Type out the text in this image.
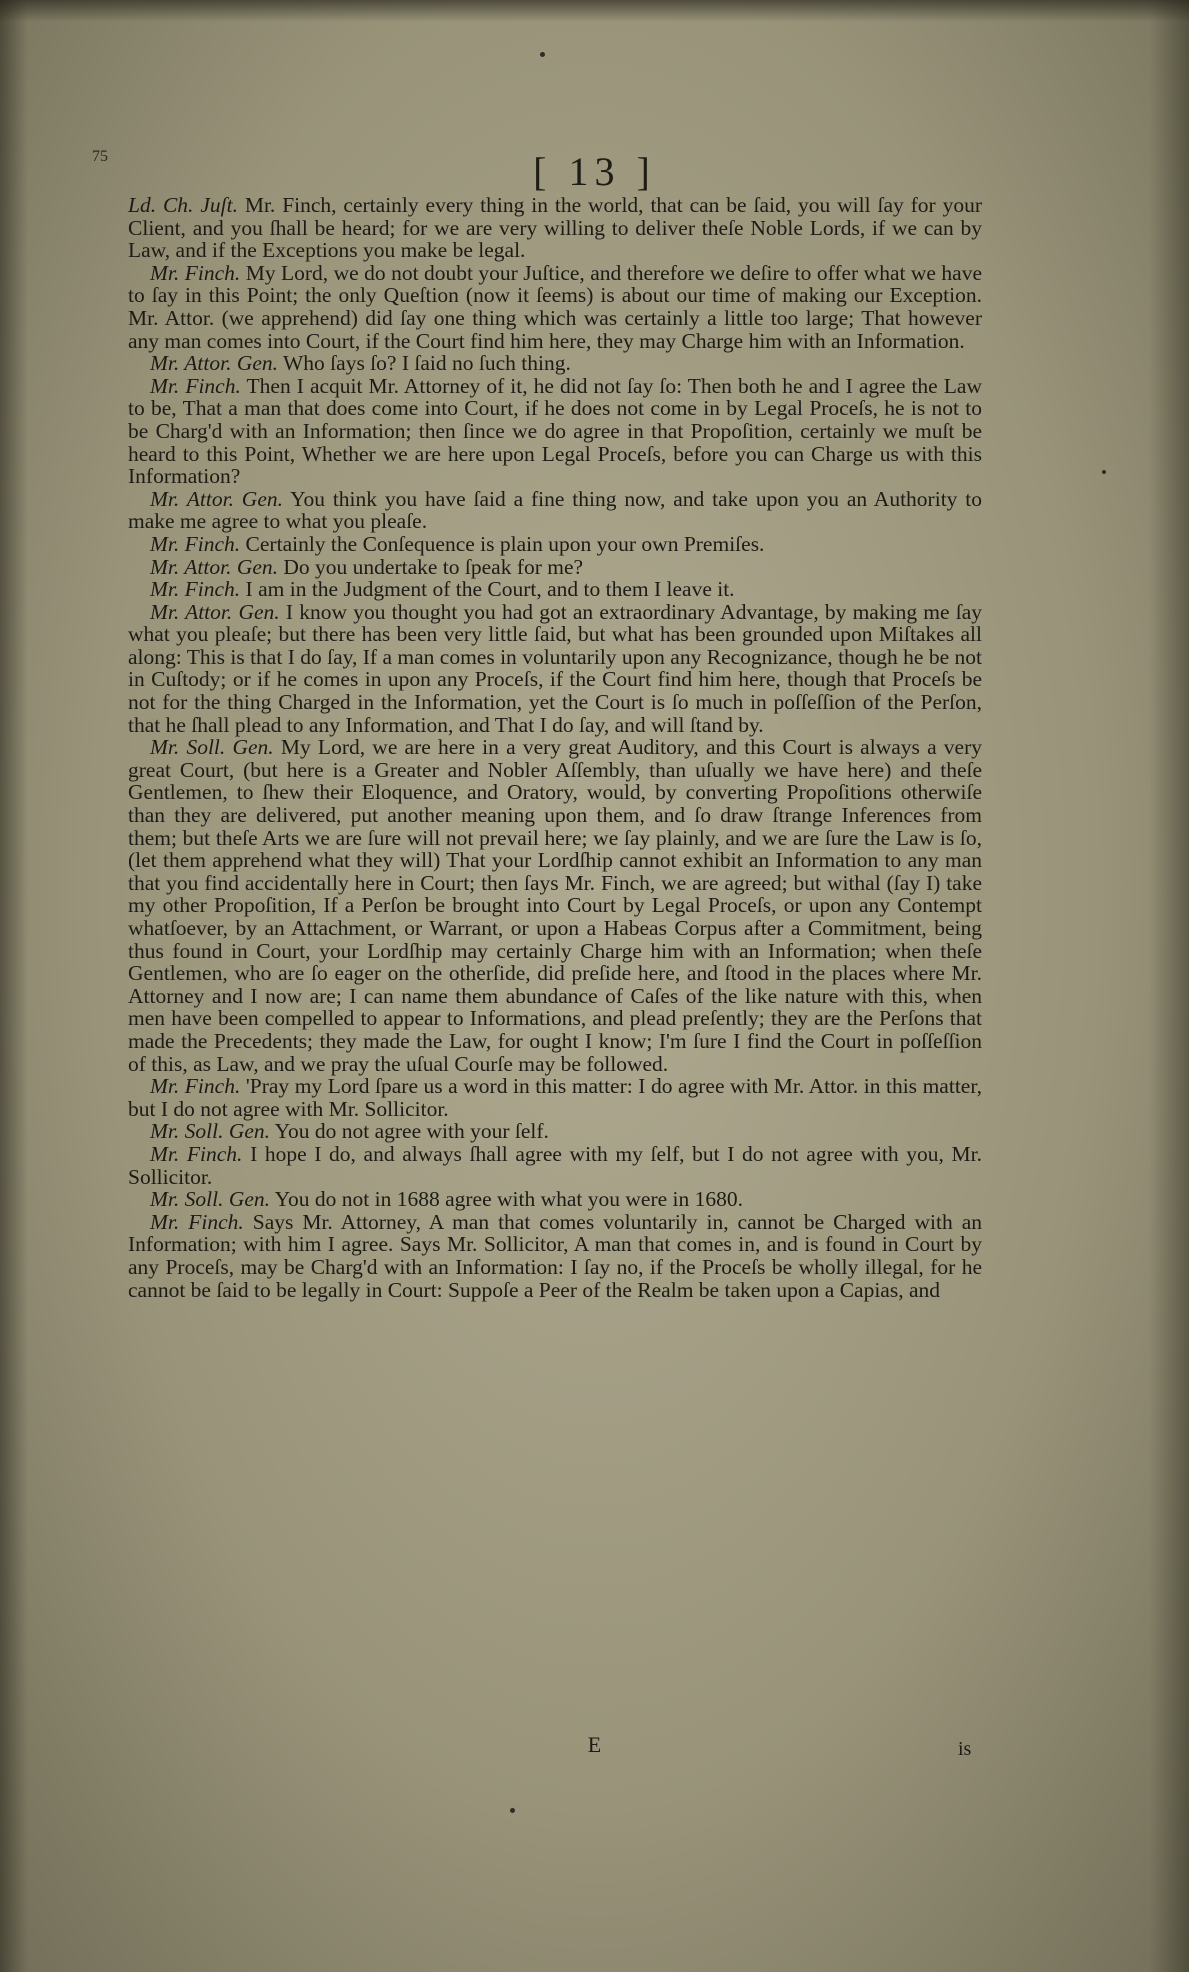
75	[ 13 ]

Ld. Ch. Juſt. Mr. Finch, certainly every thing in the world, that can be ſaid, you will ſay for your Client, and you ſhall be heard; for we are very willing to deliver theſe Noble Lords, if we can by Law, and if the Exceptions you make be legal.

Mr. Finch. My Lord, we do not doubt your Juſtice, and therefore we deſire to offer what we have to ſay in this Point; the only Queſtion (now it ſeems) is about our time of making our Exception. Mr. Attor. (we apprehend) did ſay one thing which was certainly a little too large; That however any man comes into Court, if the Court find him here, they may Charge him with an Information.

Mr. Attor. Gen. Who ſays ſo? I ſaid no ſuch thing.

Mr. Finch. Then I acquit Mr. Attorney of it, he did not ſay ſo: Then both he and I agree the Law to be, That a man that does come into Court, if he does not come in by Legal Proceſs, he is not to be Charg'd with an Information; then ſince we do agree in that Propoſition, certainly we muſt be heard to this Point, Whether we are here upon Legal Proceſs, before you can Charge us with this Information?

Mr. Attor. Gen. You think you have ſaid a fine thing now, and take upon you an Authority to make me agree to what you pleaſe.

Mr. Finch. Certainly the Conſequence is plain upon your own Premiſes.

Mr. Attor. Gen. Do you undertake to ſpeak for me?

Mr. Finch. I am in the Judgment of the Court, and to them I leave it.

Mr. Attor. Gen. I know you thought you had got an extraordinary Advantage, by making me ſay what you pleaſe; but there has been very little ſaid, but what has been grounded upon Miſtakes all along: This is that I do ſay, If a man comes in voluntarily upon any Recognizance, though he be not in Cuſtody; or if he comes in upon any Proceſs, if the Court find him here, though that Proceſs be not for the thing Charged in the Information, yet the Court is ſo much in poſſeſſion of the Perſon, that he ſhall plead to any Information, and That I do ſay, and will ſtand by.

Mr. Soll. Gen. My Lord, we are here in a very great Auditory, and this Court is always a very great Court, (but here is a Greater and Nobler Aſſembly, than uſually we have here) and theſe Gentlemen, to ſhew their Eloquence, and Oratory, would, by converting Propoſitions otherwiſe than they are delivered, put another meaning upon them, and ſo draw ſtrange Inferences from them; but theſe Arts we are ſure will not prevail here; we ſay plainly, and we are ſure the Law is ſo, (let them apprehend what they will) That your Lordſhip cannot exhibit an Information to any man that you find accidentally here in Court; then ſays Mr. Finch, we are agreed; but withal (ſay I) take my other Propoſition, If a Perſon be brought into Court by Legal Proceſs, or upon any Contempt whatſoever, by an Attachment, or Warrant, or upon a Habeas Corpus after a Commitment, being thus found in Court, your Lordſhip may certainly Charge him with an Information; when theſe Gentlemen, who are ſo eager on the otherſide, did preſide here, and ſtood in the places where Mr. Attorney and I now are; I can name them abundance of Caſes of the like nature with this, when men have been compelled to appear to Informations, and plead preſently; they are the Perſons that made the Precedents; they made the Law, for ought I know; I'm ſure I find the Court in poſſeſſion of this, as Law, and we pray the uſual Courſe may be followed.

Mr. Finch. 'Pray my Lord ſpare us a word in this matter: I do agree with Mr. Attor. in this matter, but I do not agree with Mr. Sollicitor.

Mr. Soll. Gen. You do not agree with your ſelf.

Mr. Finch. I hope I do, and always ſhall agree with my ſelf, but I do not agree with you, Mr. Sollicitor.

Mr. Soll. Gen. You do not in 1688 agree with what you were in 1680.

Mr. Finch. Says Mr. Attorney, A man that comes voluntarily in, cannot be Charged with an Information; with him I agree. Says Mr. Sollicitor, A man that comes in, and is found in Court by any Proceſs, may be Charg'd with an Information: I ſay no, if the Proceſs be wholly illegal, for he cannot be ſaid to be legally in Court: Suppoſe a Peer of the Realm be taken upon a Capias, and

E	is
